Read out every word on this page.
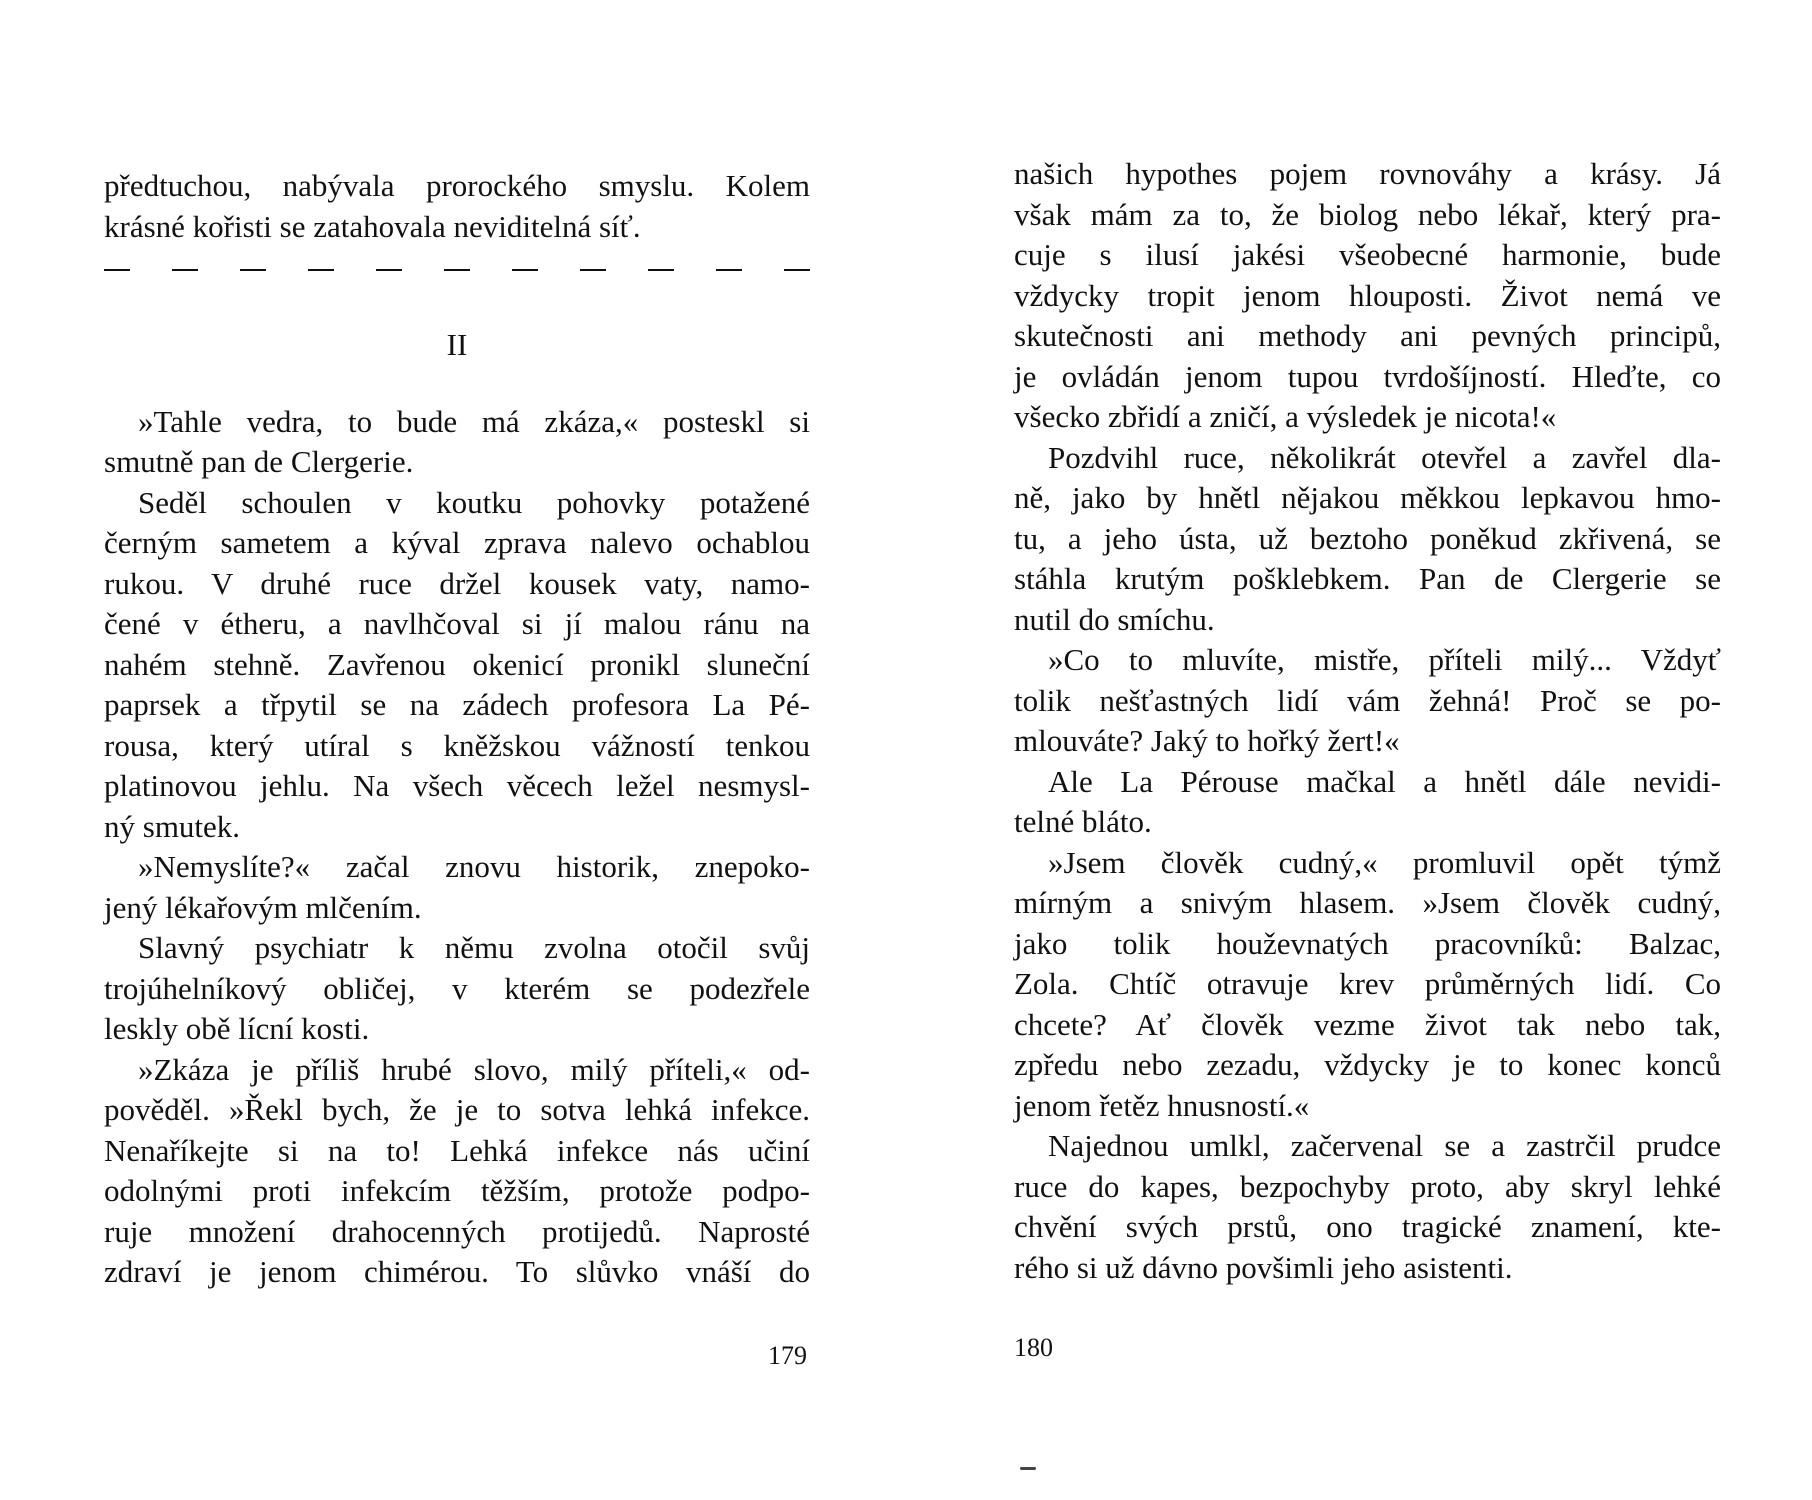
předtuchou, nabývala prorockého smyslu. Kolem
krásné kořisti se zatahovala neviditelná síť.
II
»Tahle vedra, to bude má zkáza,« posteskl si
smutně pan de Clergerie.
Seděl schoulen v koutku pohovky potažené
černým sametem a kýval zprava nalevo ochablou
rukou. V druhé ruce držel kousek vaty, namo-
čené v étheru, a navlhčoval si jí malou ránu na
nahém stehně. Zavřenou okenicí pronikl sluneční
paprsek a třpytil se na zádech profesora La Pé-
rousa, který utíral s kněžskou vážností tenkou
platinovou jehlu. Na všech věcech ležel nesmysl-
ný smutek.
»Nemyslíte?« začal znovu historik, znepoko-
jený lékařovým mlčením.
Slavný psychiatr k němu zvolna otočil svůj
trojúhelníkový obličej, v kterém se podezřele
leskly obě lícní kosti.
»Zkáza je příliš hrubé slovo, milý příteli,« od-
pověděl. »Řekl bych, že je to sotva lehká infekce.
Nenaříkejte si na to! Lehká infekce nás učiní
odolnými proti infekcím těžším, protože podpo-
ruje množení drahocenných protijedů. Naprosté
zdraví je jenom chimérou. To slůvko vnáší do
179
našich hypothes pojem rovnováhy a krásy. Já
však mám za to, že biolog nebo lékař, který pra-
cuje s ilusí jakési všeobecné harmonie, bude
vždycky tropit jenom hlouposti. Život nemá ve
skutečnosti ani methody ani pevných principů,
je ovládán jenom tupou tvrdošíjností. Hleďte, co
všecko zbřidí a zničí, a výsledek je nicota!«
Pozdvihl ruce, několikrát otevřel a zavřel dla-
ně, jako by hnětl nějakou měkkou lepkavou hmo-
tu, a jeho ústa, už beztoho poněkud zkřivená, se
stáhla krutým pošklebkem. Pan de Clergerie se
nutil do smíchu.
»Co to mluvíte, mistře, příteli milý... Vždyť
tolik nešťastných lidí vám žehná! Proč se po-
mlouváte? Jaký to hořký žert!«
Ale La Pérouse mačkal a hnětl dále nevidi-
telné bláto.
»Jsem člověk cudný,« promluvil opět týmž
mírným a snivým hlasem. »Jsem člověk cudný,
jako tolik houževnatých pracovníků: Balzac,
Zola. Chtíč otravuje krev průměrných lidí. Co
chcete? Ať člověk vezme život tak nebo tak,
zpředu nebo zezadu, vždycky je to konec konců
jenom řetěz hnusností.«
Najednou umlkl, začervenal se a zastrčil prudce
ruce do kapes, bezpochyby proto, aby skryl lehké
chvění svých prstů, ono tragické znamení, kte-
rého si už dávno povšimli jeho asistenti.
180
